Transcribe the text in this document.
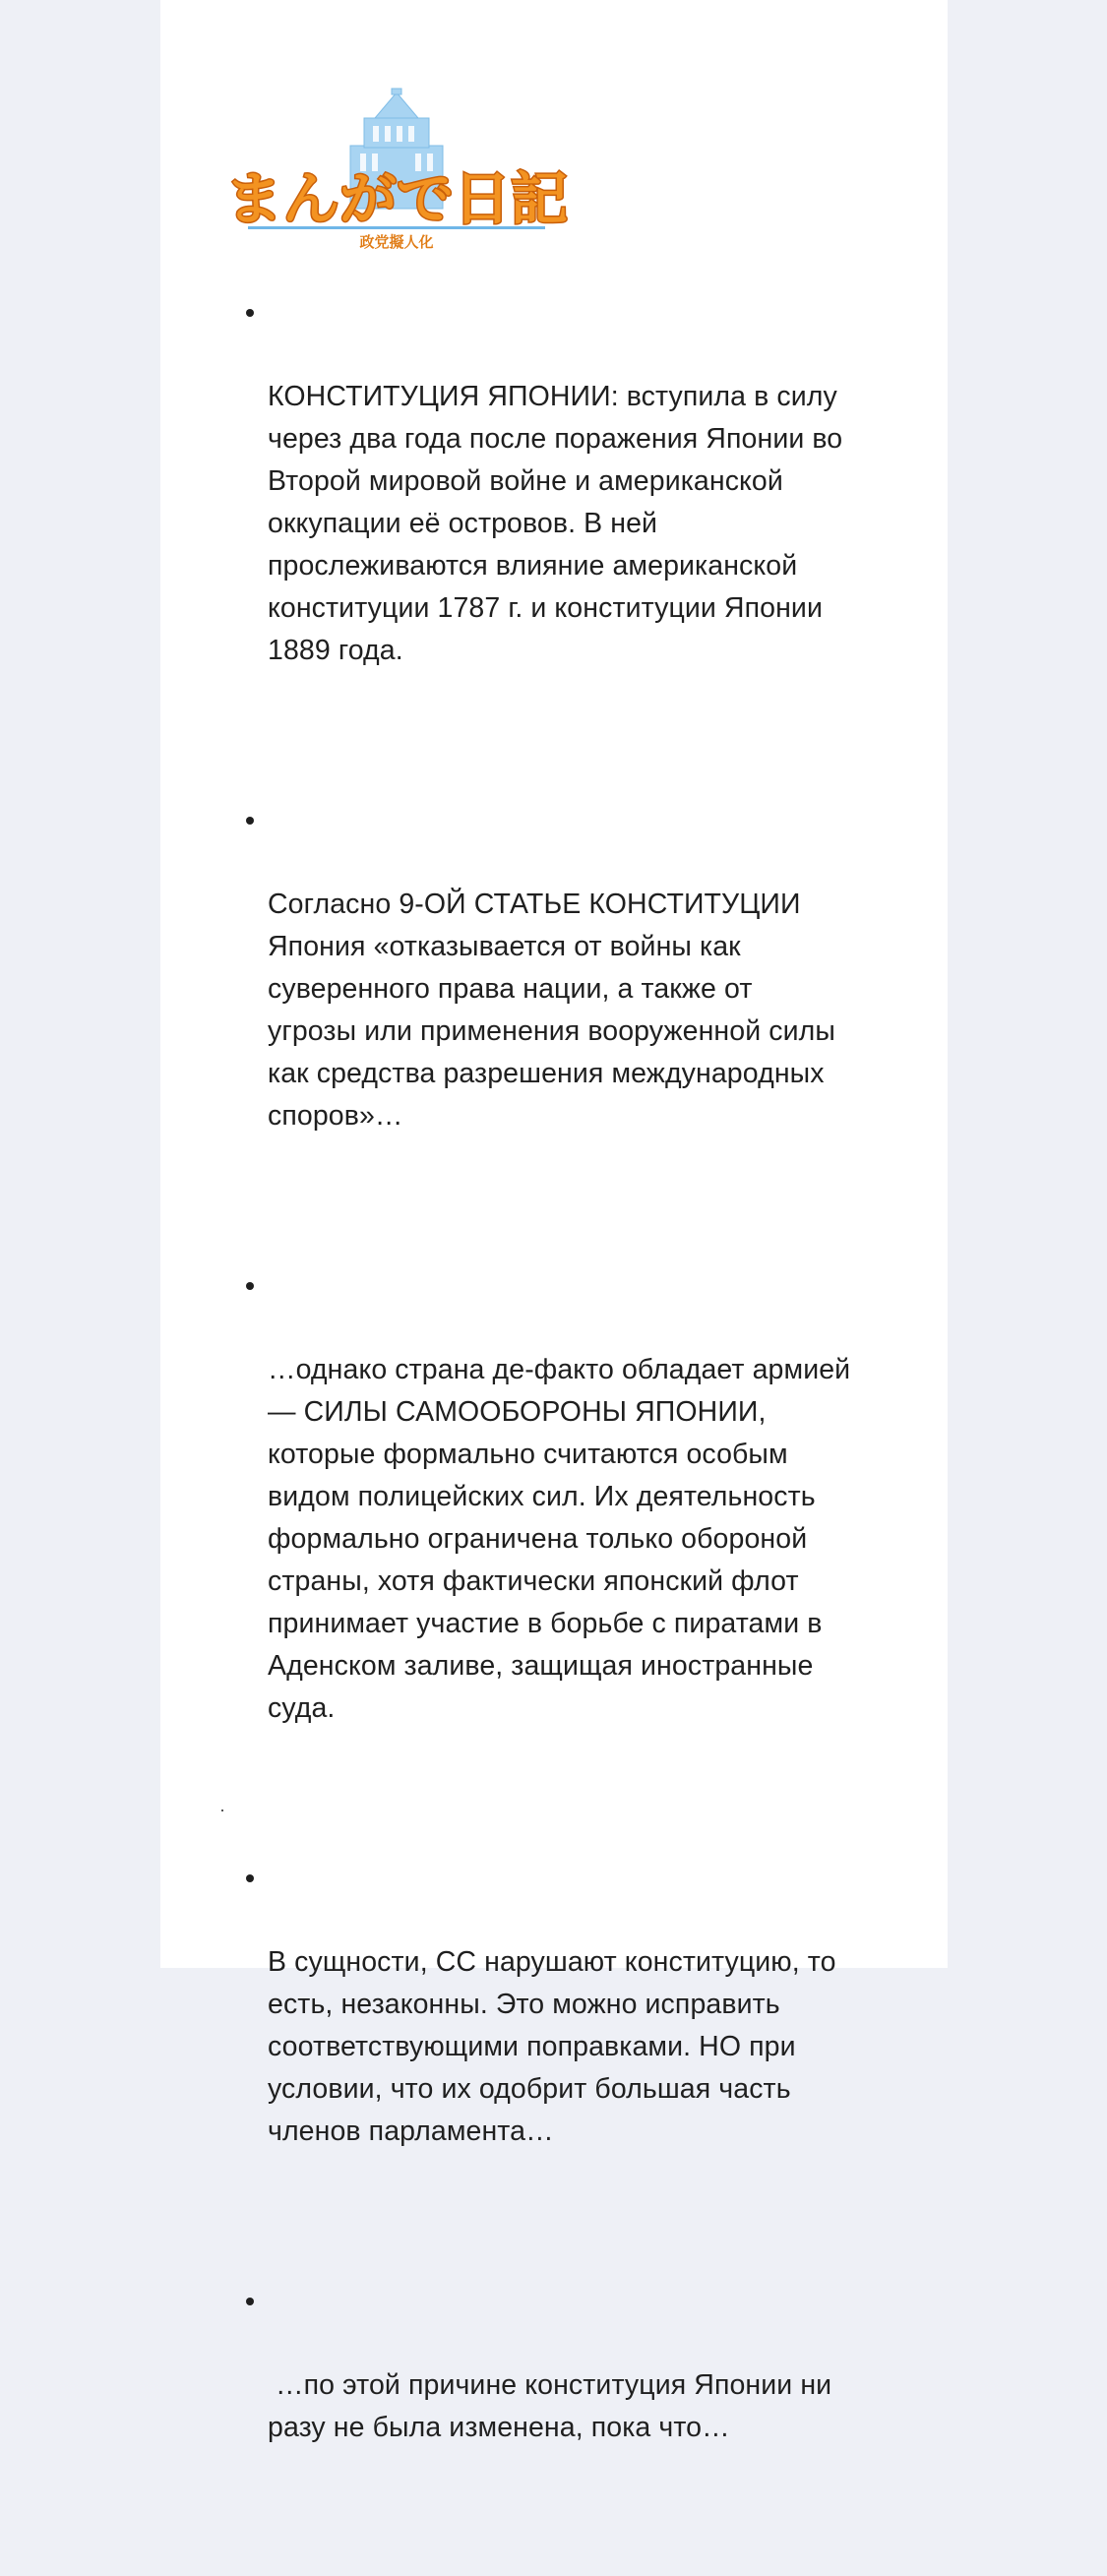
まんがで日記
政党擬人化

КОНСТИТУЦИЯ ЯПОНИИ: вступила в силу
через два года после поражения Японии во
Второй мировой войне и американской
оккупации её островов. В ней
прослеживаются влияние американской
конституции 1787 г. и конституции Японии
1889 года.

Согласно 9-ОЙ СТАТЬЕ КОНСТИТУЦИИ
Япония «отказывается от войны как
суверенного права нации, а также от
угрозы или применения вооруженной силы
как средства разрешения международных
споров»…

…однако страна де-факто обладает армией
— СИЛЫ САМООБОРОНЫ ЯПОНИИ,
которые формально считаются особым
видом полицейских сил. Их деятельность
формально ограничена только обороной
страны, хотя фактически японский флот
принимает участие в борьбе с пиратами в
Аденском заливе, защищая иностранные
суда.

В сущности, СС нарушают конституцию, то
есть, незаконны. Это можно исправить
соответствующими поправками. НО при
условии, что их одобрит большая часть
членов парламента…

…по этой причине конституция Японии ни
разу не была изменена, пока что…
